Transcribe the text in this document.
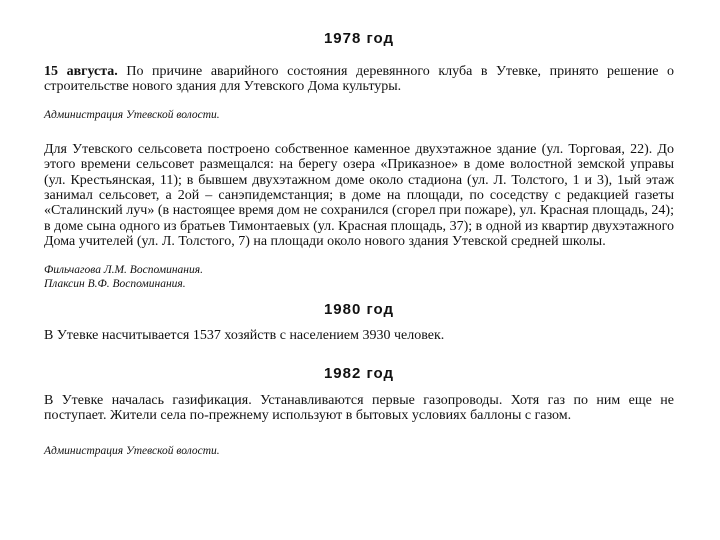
1978 год

15 августа. По причине аварийного состояния деревянного клуба в Утевке, принято решение о строительстве нового здания для Утевского Дома культуры.

Администрация Утевской волости.

Для Утевского сельсовета построено собственное каменное двухэтажное здание (ул. Торговая, 22). До этого времени сельсовет размещался: на берегу озера «Приказное» в доме волостной земской управы (ул. Крестьянская, 11); в бывшем двухэтажном доме около стадиона (ул. Л. Толстого, 1 и 3), 1ый этаж занимал сельсовет, а 2ой – санэпидемстанция; в доме на площади, по соседству с редакцией газеты «Сталинский луч» (в настоящее время дом не сохранился (сгорел при пожаре), ул. Красная площадь, 24); в доме сына одного из братьев Тимонтаевых (ул. Красная площадь, 37); в одной из квартир двухэтажного Дома учителей (ул. Л. Толстого, 7) на площади около нового здания Утевской средней школы.

Фильчагова Л.М. Воспоминания.

Плаксин В.Ф. Воспоминания.

1980 год

В Утевке насчитывается 1537 хозяйств с населением 3930 человек.

1982 год

В Утевке началась газификация. Устанавливаются первые газопроводы. Хотя газ по ним еще не поступает. Жители села по-прежнему используют в бытовых условиях баллоны с газом.

Администрация Утевской волости.
